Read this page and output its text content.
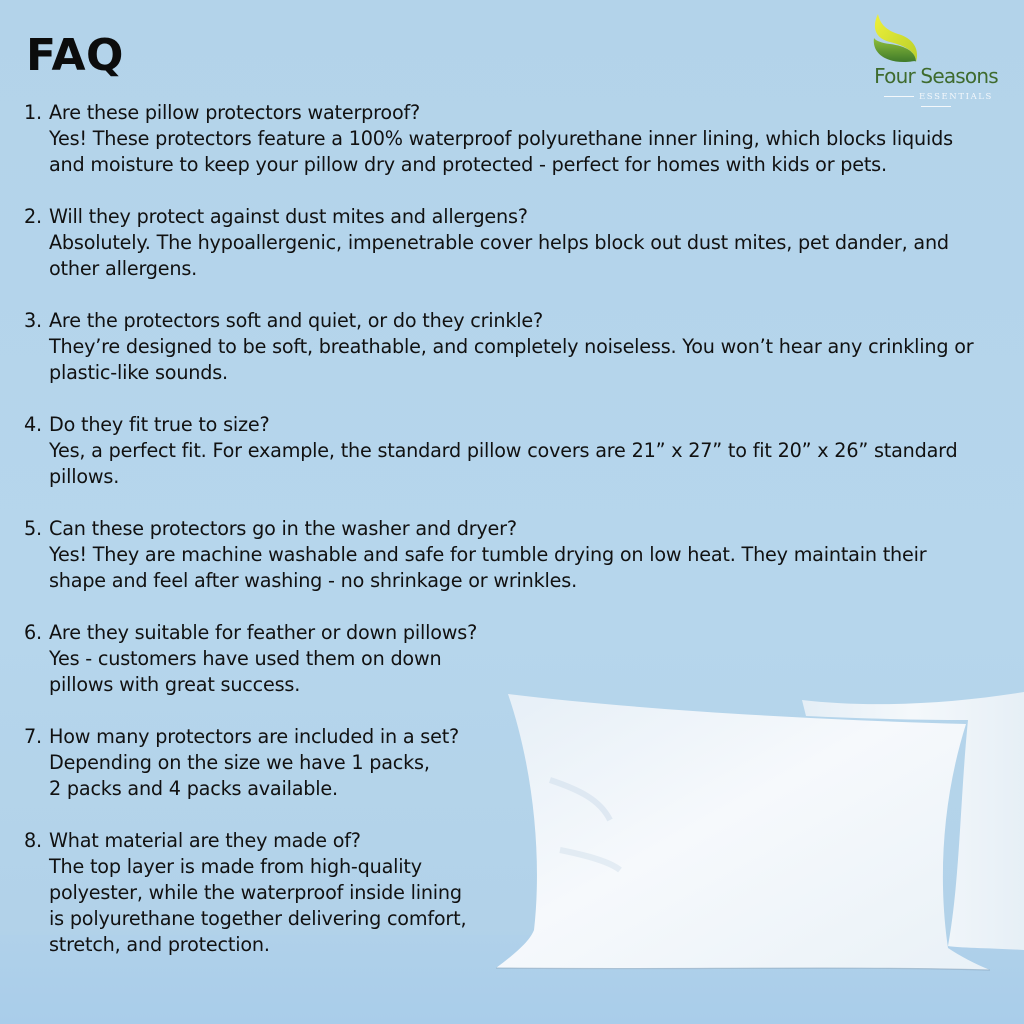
FAQ	Four Seasons
ESSENTIALS
1. Are these pillow protectors waterproof?
Yes! These protectors feature a 100% waterproof polyurethane inner lining, which blocks liquids
and moisture to keep your pillow dry and protected - perfect for homes with kids or pets.
2. Will they protect against dust mites and allergens?
Absolutely. The hypoallergenic, impenetrable cover helps block out dust mites, pet dander, and
other allergens.
3. Are the protectors soft and quiet, or do they crinkle?
They’re designed to be soft, breathable, and completely noiseless. You won’t hear any crinkling or
plastic-like sounds.
4. Do they fit true to size?
Yes, a perfect fit. For example, the standard pillow covers are 21” x 27” to fit 20” x 26” standard
pillows.
5. Can these protectors go in the washer and dryer?
Yes! They are machine washable and safe for tumble drying on low heat. They maintain their
shape and feel after washing - no shrinkage or wrinkles.
6. Are they suitable for feather or down pillows?
Yes - customers have used them on down
pillows with great success.
7. How many protectors are included in a set?
Depending on the size we have 1 packs,
2 packs and 4 packs available.
8. What material are they made of?
The top layer is made from high-quality
polyester, while the waterproof inside lining
is polyurethane together delivering comfort,
stretch, and protection.
